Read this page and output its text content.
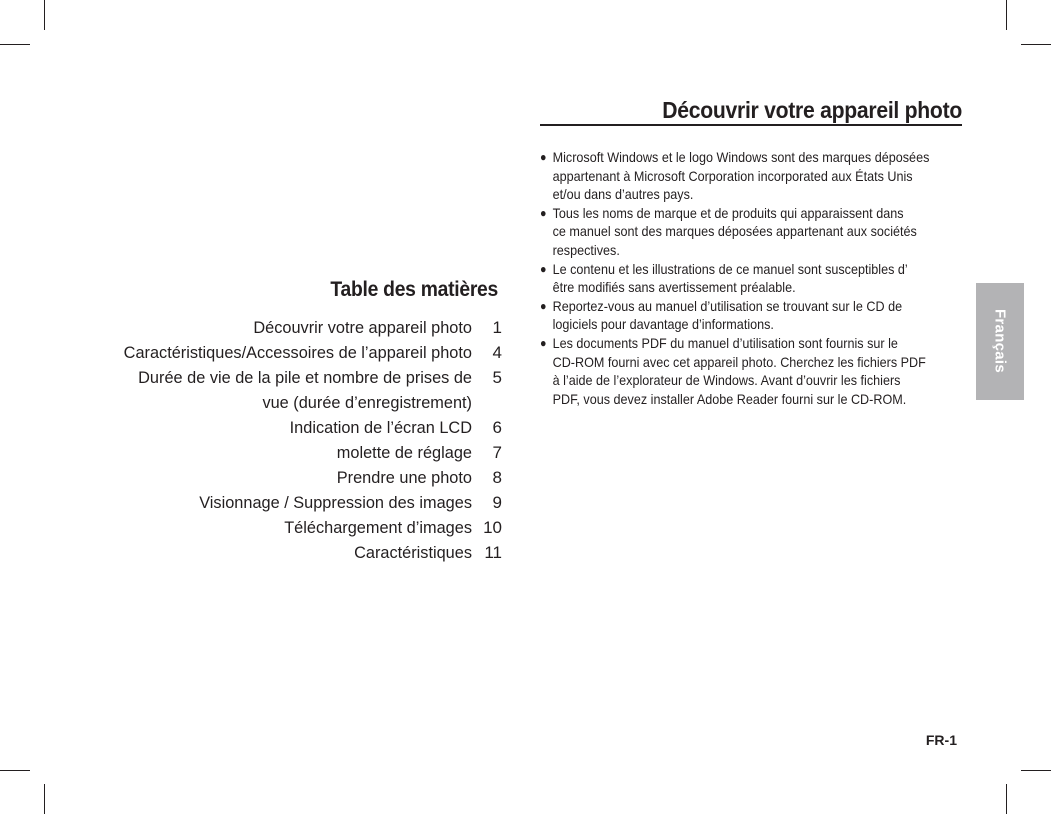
Table des matières
Découvrir votre appareil photo	1
Caractéristiques/Accessoires de l’appareil photo	4
Durée de vie de la pile et nombre de prises de	5
vue (durée d’enregistrement)
Indication de l’écran LCD	6
molette de réglage	7
Prendre une photo	8
Visionnage / Suppression des images	9
Téléchargement d’images 10
Caractéristiques 11
Découvrir votre appareil photo
● Microsoft Windows et le logo Windows sont des marques déposées
appartenant à Microsoft Corporation incorporated aux États Unis
et/ou dans d’autres pays.
● Tous les noms de marque et de produits qui apparaissent dans
ce manuel sont des marques déposées appartenant aux sociétés
respectives.
● Le contenu et les illustrations de ce manuel sont susceptibles d’
être modifiés sans avertissement préalable.
● Reportez-vous au manuel d’utilisation se trouvant sur le CD de
logiciels pour davantage d’informations.
● Les documents PDF du manuel d’utilisation sont fournis sur le
CD-ROM fourni avec cet appareil photo. Cherchez les fichiers PDF
à l’aide de l’explorateur de Windows. Avant d’ouvrir les fichiers
PDF, vous devez installer Adobe Reader fourni sur le CD-ROM.
Français
FR-1
